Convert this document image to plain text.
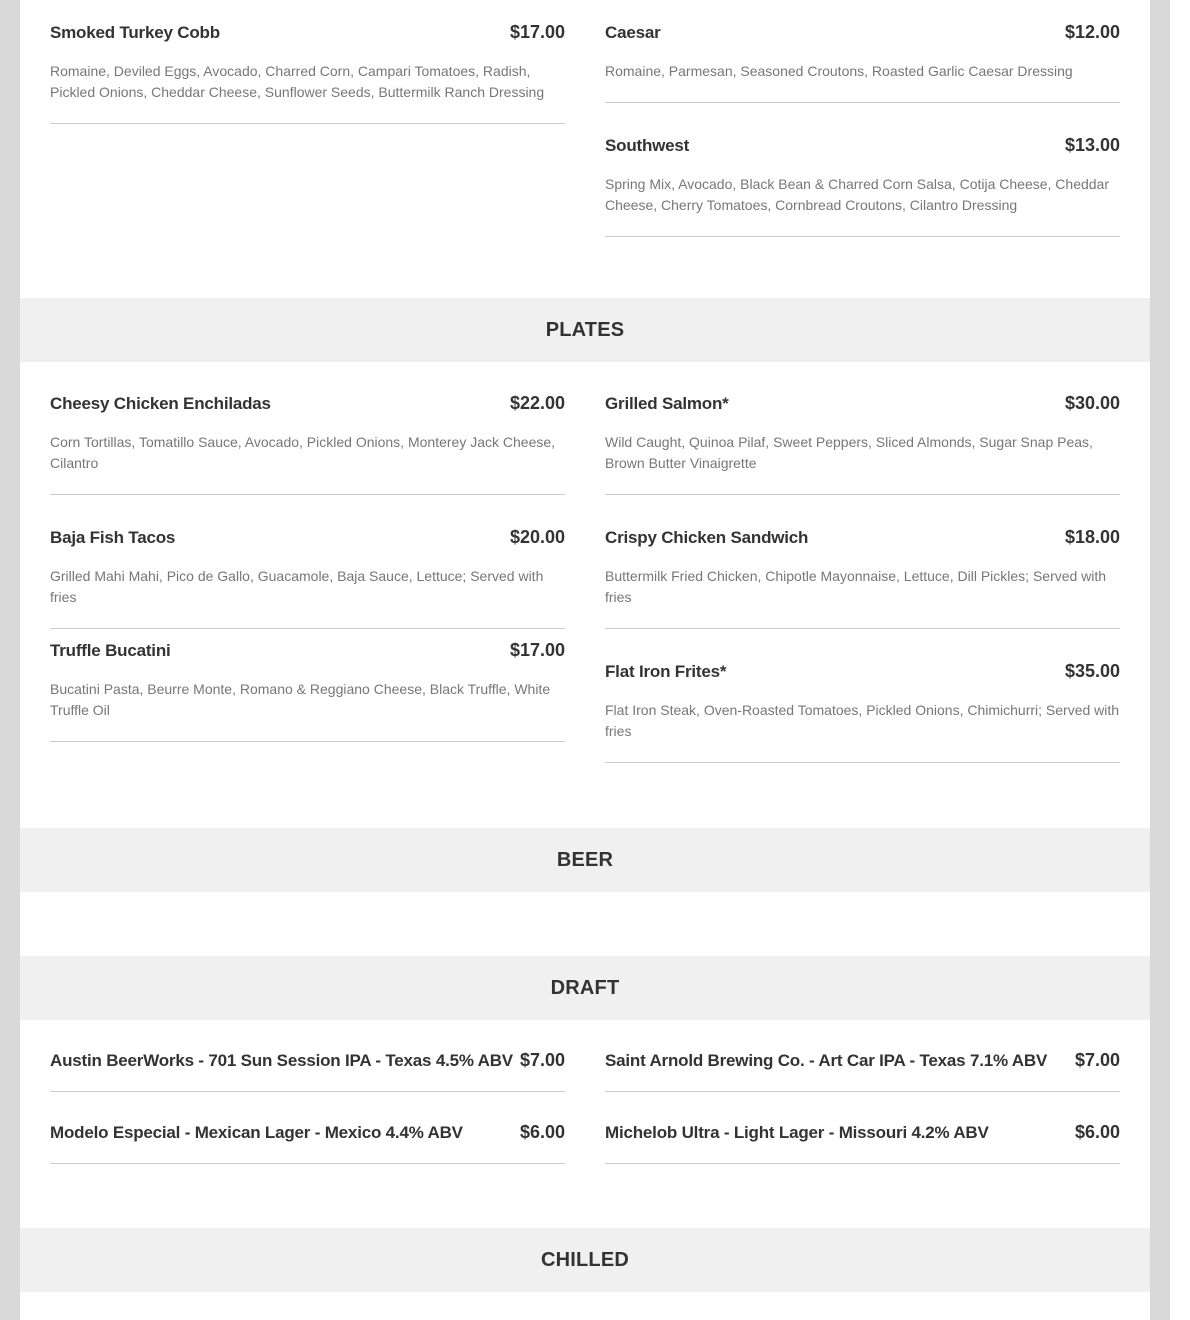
Smoked Turkey Cobb	$17.00
Romaine, Deviled Eggs, Avocado, Charred Corn, Campari Tomatoes, Radish, Pickled Onions, Cheddar Cheese, Sunflower Seeds, Buttermilk Ranch Dressing
Caesar	$12.00
Romaine, Parmesan, Seasoned Croutons, Roasted Garlic Caesar Dressing
Southwest	$13.00
Spring Mix, Avocado, Black Bean & Charred Corn Salsa, Cotija Cheese, Cheddar Cheese, Cherry Tomatoes, Cornbread Croutons, Cilantro Dressing
PLATES
Cheesy Chicken Enchiladas	$22.00
Corn Tortillas, Tomatillo Sauce, Avocado, Pickled Onions, Monterey Jack Cheese, Cilantro
Baja Fish Tacos	$20.00
Grilled Mahi Mahi, Pico de Gallo, Guacamole, Baja Sauce, Lettuce; Served with fries
Truffle Bucatini	$17.00
Bucatini Pasta, Beurre Monte, Romano & Reggiano Cheese, Black Truffle, White Truffle Oil
Grilled Salmon*	$30.00
Wild Caught, Quinoa Pilaf, Sweet Peppers, Sliced Almonds, Sugar Snap Peas, Brown Butter Vinaigrette
Crispy Chicken Sandwich	$18.00
Buttermilk Fried Chicken, Chipotle Mayonnaise, Lettuce, Dill Pickles; Served with fries
Flat Iron Frites*	$35.00
Flat Iron Steak, Oven-Roasted Tomatoes, Pickled Onions, Chimichurri; Served with fries
BEER
DRAFT
Austin BeerWorks - 701 Sun Session IPA - Texas 4.5% ABV $7.00
Modelo Especial - Mexican Lager - Mexico 4.4% ABV	$6.00
Saint Arnold Brewing Co. - Art Car IPA - Texas 7.1% ABV $7.00
Michelob Ultra - Light Lager - Missouri 4.2% ABV	$6.00
CHILLED
